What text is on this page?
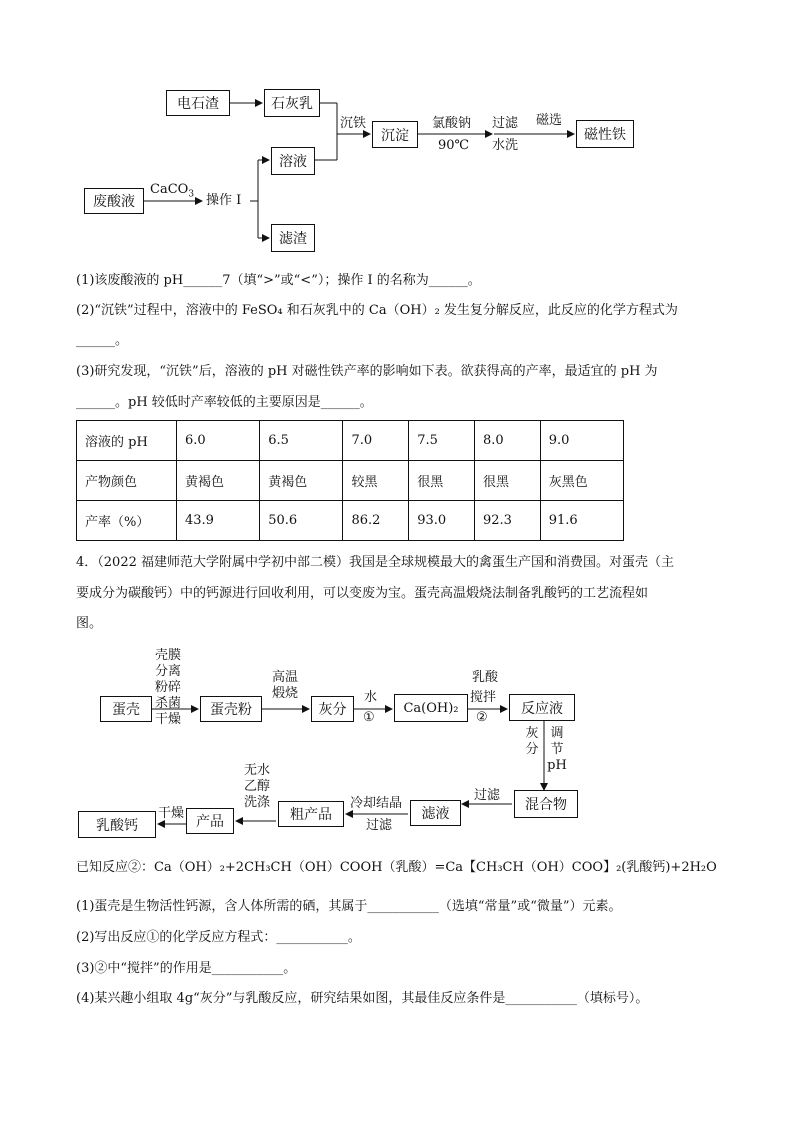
电石渣	石灰乳
废酸液
溶液
滤渣
沉淀	磁性铁
CaCO$_3$ 操作 I
沉铁	氯酸钠
90℃
过滤
水洗
磁选
(1)该废酸液的 pH______7（填“>”或“<”）；操作 I 的名称为______。
(2)“沉铁”过程中，溶液中的 FeSO₄ 和石灰乳中的 Ca（OH）₂ 发生复分解反应，此反应的化学方程式为
______。
(3)研究发现，“沉铁”后，溶液的 pH 对磁性铁产率的影响如下表。欲获得高的产率，最适宜的 pH 为
______。pH 较低时产率较低的主要原因是______。
溶液的 pH	6.0	6.5	7.0	7.5	8.0	9.0
产物颜色	黄褐色	黄褐色	较黑	很黑	很黑	灰黑色
产率（%）	43.9	50.6	86.2	93.0	92.3	91.6
4．（2022 福建师范大学附属中学初中部二模）我国是全球规模最大的禽蛋生产国和消费国。对蛋壳（主
要成分为碳酸钙）中的钙源进行回收利用，可以变废为宝。蛋壳高温煅烧法制备乳酸钙的工艺流程如
图。
蛋壳	蛋壳粉	灰分	Ca(OH)₂	反应液
混合物
滤液
粗产品
产品
乳酸钙
壳膜
分离
粉碎
杀菌
干燥
高温
煅烧	水
①
乳酸
搅拌
②
灰
分
调
节
pH
过滤
冷却结晶
过滤
无水
乙醇
洗涤
干燥
已知反应②：Ca（OH）₂+2CH₃CH（OH）COOH（乳酸）=Ca【CH₃CH（OH）COO】₂(乳酸钙)+2H₂O
(1)蛋壳是生物活性钙源，含人体所需的硒，其属于___________（选填“常量”或“微量”）元素。
(2)写出反应①的化学反应方程式：___________。
(3)②中“搅拌”的作用是___________。
(4)某兴趣小组取 4g“灰分”与乳酸反应，研究结果如图，其最佳反应条件是___________（填标号）。
